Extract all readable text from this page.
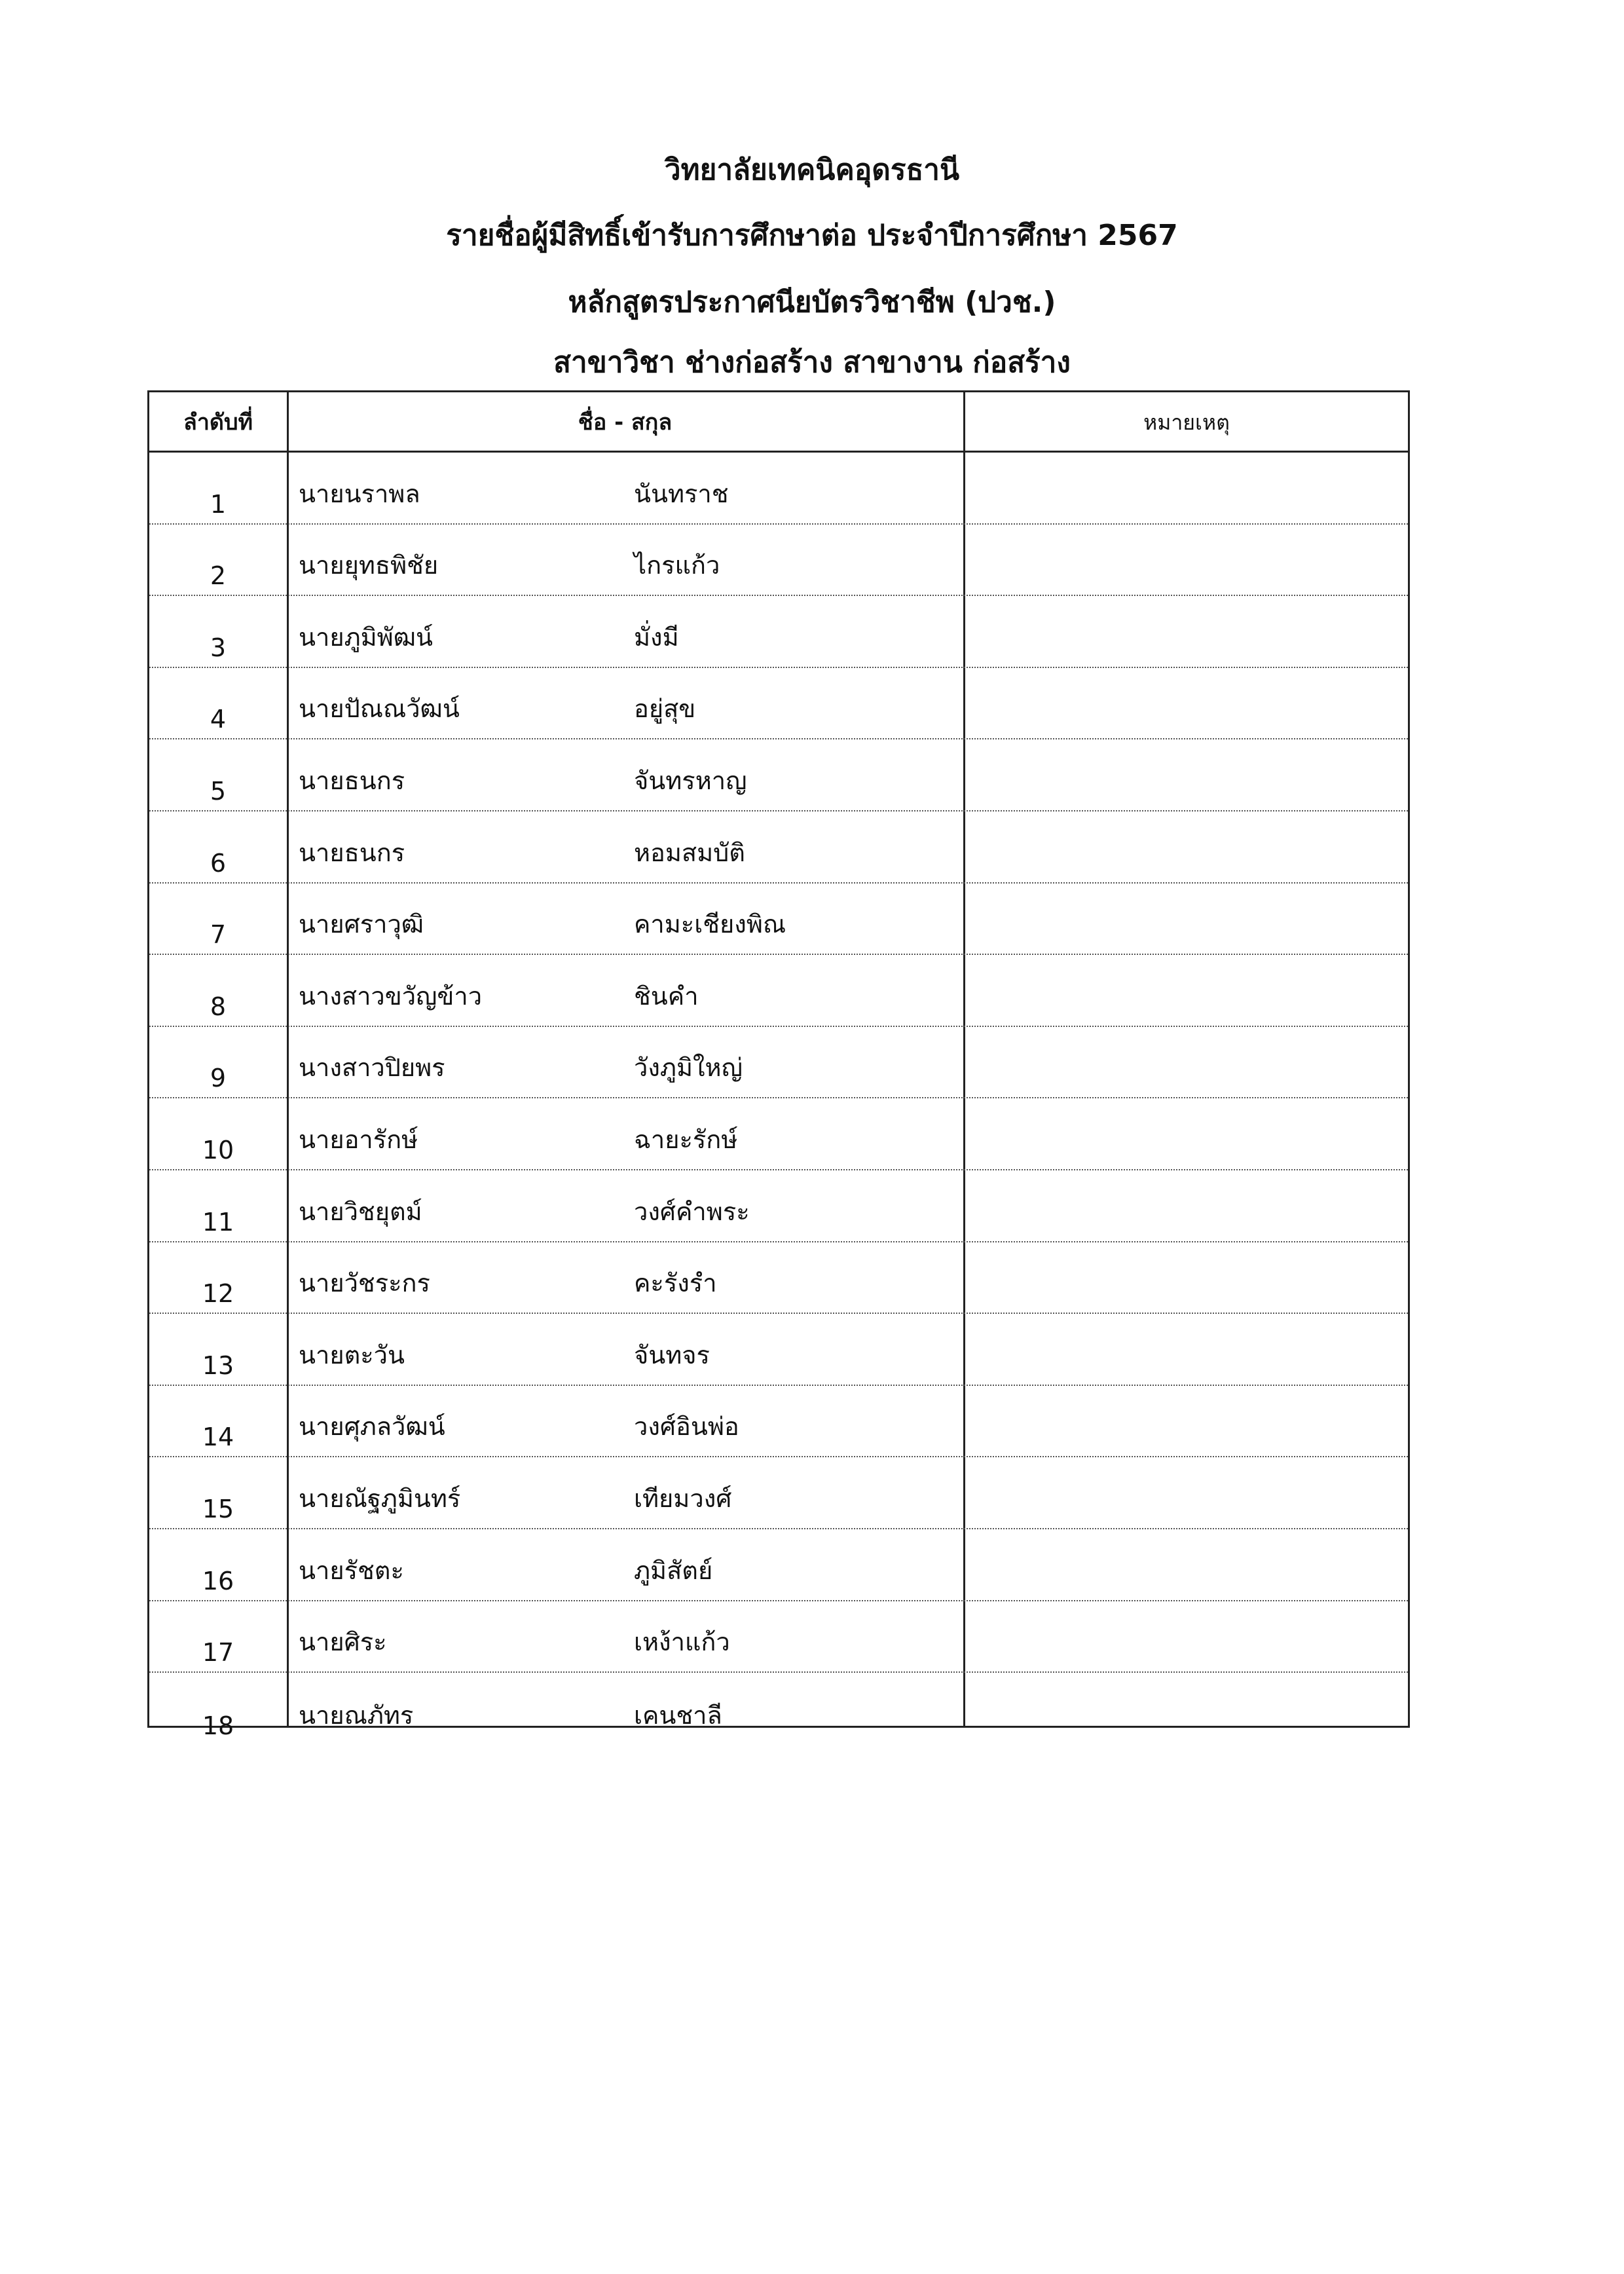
วิทยาลัยเทคนิคอุดรธานี
รายชื่อผู้มีสิทธิ์เข้ารับการศึกษาต่อ ประจำปีการศึกษา 2567
หลักสูตรประกาศนียบัตรวิชาชีพ (ปวช.)
สาขาวิชา ช่างก่อสร้าง สาขางาน ก่อสร้าง
ลำดับที่	ชื่อ - สกุล	หมายเหตุ
1	นายนราพล	นันทราช
2	นายยุทธพิชัย	ไกรแก้ว
3	นายภูมิพัฒน์	มั่งมี
4	นายปัณณวัฒน์	อยู่สุข
5	นายธนกร	จันทรหาญ
6	นายธนกร	หอมสมบัติ
7	นายศราวุฒิ	คามะเชียงพิณ
8	นางสาวขวัญข้าว	ชินคำ
9	นางสาวปิยพร	วังภูมิใหญ่
10	นายอารักษ์	ฉายะรักษ์
11	นายวิชยุตม์	วงศ์คำพระ
12	นายวัชระกร	คะรังรำ
13	นายตะวัน	จันทจร
14	นายศุภลวัฒน์	วงศ์อินพ่อ
15	นายณัฐภูมินทร์	เทียมวงศ์
16	นายรัชตะ	ภูมิสัตย์
17	นายศิระ	เหง้าแก้ว
18	นายณภัทร	เคนชาลี
